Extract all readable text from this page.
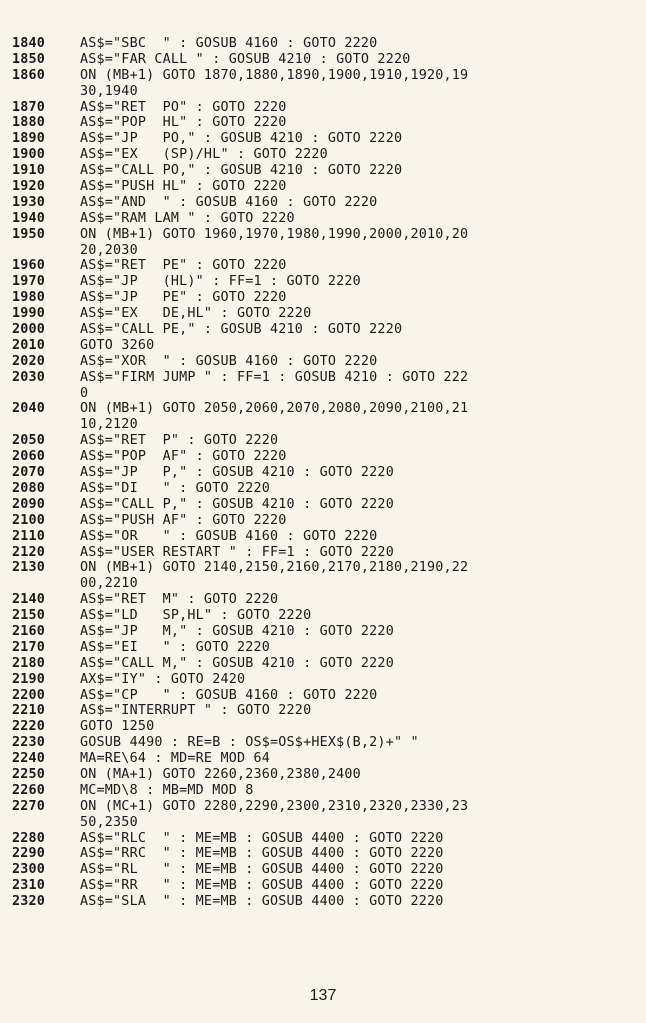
1840	AS$="SBC  " : GOSUB 4160 : GOTO 2220
1850	AS$="FAR CALL " : GOSUB 4210 : GOTO 2220
1860	ON (MB+1) GOTO 1870,1880,1890,1900,1910,1920,19
30,1940
1870	AS$="RET  PO" : GOTO 2220
1880	AS$="POP  HL" : GOTO 2220
1890	AS$="JP   PO," : GOSUB 4210 : GOTO 2220
1900	AS$="EX   (SP)/HL" : GOTO 2220
1910	AS$="CALL PO," : GOSUB 4210 : GOTO 2220
1920	AS$="PUSH HL" : GOTO 2220
1930	AS$="AND  " : GOSUB 4160 : GOTO 2220
1940	AS$="RAM LAM " : GOTO 2220
1950	ON (MB+1) GOTO 1960,1970,1980,1990,2000,2010,20
20,2030
1960	AS$="RET  PE" : GOTO 2220
1970	AS$="JP   (HL)" : FF=1 : GOTO 2220
1980	AS$="JP   PE" : GOTO 2220
1990	AS$="EX   DE,HL" : GOTO 2220
2000	AS$="CALL PE," : GOSUB 4210 : GOTO 2220
2010	GOTO 3260
2020	AS$="XOR  " : GOSUB 4160 : GOTO 2220
2030	AS$="FIRM JUMP " : FF=1 : GOSUB 4210 : GOTO 222
0
2040	ON (MB+1) GOTO 2050,2060,2070,2080,2090,2100,21
10,2120
2050	AS$="RET  P" : GOTO 2220
2060	AS$="POP  AF" : GOTO 2220
2070	AS$="JP   P," : GOSUB 4210 : GOTO 2220
2080	AS$="DI   " : GOTO 2220
2090	AS$="CALL P," : GOSUB 4210 : GOTO 2220
2100	AS$="PUSH AF" : GOTO 2220
2110	AS$="OR   " : GOSUB 4160 : GOTO 2220
2120	AS$="USER RESTART " : FF=1 : GOTO 2220
2130	ON (MB+1) GOTO 2140,2150,2160,2170,2180,2190,22
00,2210
2140	AS$="RET  M" : GOTO 2220
2150	AS$="LD   SP,HL" : GOTO 2220
2160	AS$="JP   M," : GOSUB 4210 : GOTO 2220
2170	AS$="EI   " : GOTO 2220
2180	AS$="CALL M," : GOSUB 4210 : GOTO 2220
2190	AX$="IY" : GOTO 2420
2200	AS$="CP   " : GOSUB 4160 : GOTO 2220
2210	AS$="INTERRUPT " : GOTO 2220
2220	GOTO 1250
2230	GOSUB 4490 : RE=B : OS$=OS$+HEX$(B,2)+" "
2240	MA=RE\64 : MD=RE MOD 64
2250	ON (MA+1) GOTO 2260,2360,2380,2400
2260	MC=MD\8 : MB=MD MOD 8
2270	ON (MC+1) GOTO 2280,2290,2300,2310,2320,2330,23
50,2350
2280	AS$="RLC  " : ME=MB : GOSUB 4400 : GOTO 2220
2290	AS$="RRC  " : ME=MB : GOSUB 4400 : GOTO 2220
2300	AS$="RL   " : ME=MB : GOSUB 4400 : GOTO 2220
2310	AS$="RR   " : ME=MB : GOSUB 4400 : GOTO 2220
2320	AS$="SLA  " : ME=MB : GOSUB 4400 : GOTO 2220
137
